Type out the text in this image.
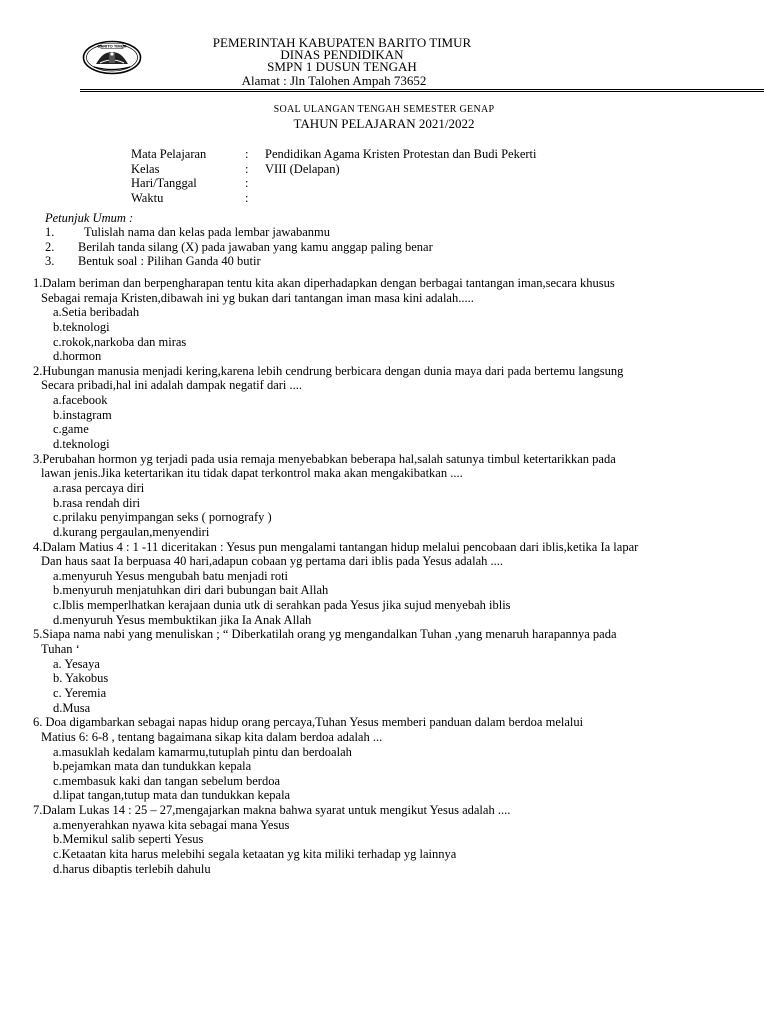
BARITO TIMUR	PEMERINTAH KABUPATEN BARITO TIMUR
DINAS PENDIDIKAN
SMPN 1 DUSUN TENGAH
Alamat : Jln Talohen Ampah 73652
SOAL ULANGAN TENGAH SEMESTER GENAP
TAHUN PELAJARAN 2021/2022
Mata Pelajaran	:	Pendidikan Agama Kristen Protestan dan Budi Pekerti
Kelas	:	VIII (Delapan)
Hari/Tanggal	:
Waktu	:
Petunjuk Umum :
1.	Tulislah nama dan kelas pada lembar jawabanmu
2.	Berilah tanda silang (X) pada jawaban yang kamu anggap paling benar
3.	Bentuk soal : Pilihan Ganda 40 butir
1.Dalam beriman dan berpengharapan tentu kita akan diperhadapkan dengan berbagai tantangan iman,secara khusus
Sebagai remaja Kristen,dibawah ini yg bukan dari tantangan iman masa kini adalah.....
a.Setia beribadah
b.teknologi
c.rokok,narkoba dan miras
d.hormon
2.Hubungan manusia menjadi kering,karena lebih cendrung berbicara dengan dunia maya dari pada bertemu langsung
Secara pribadi,hal ini adalah dampak negatif dari ....
a.facebook
b.instagram
c.game
d.teknologi
3.Perubahan hormon yg terjadi pada usia remaja menyebabkan beberapa hal,salah satunya timbul ketertarikkan pada
lawan jenis.Jika ketertarikan itu tidak dapat terkontrol maka akan mengakibatkan ....
a.rasa percaya diri
b.rasa rendah diri
c.prilaku penyimpangan seks ( pornografy )
d.kurang pergaulan,menyendiri
4.Dalam Matius 4 : 1 -11 diceritakan : Yesus pun mengalami tantangan hidup melalui pencobaan dari iblis,ketika Ia lapar
Dan haus saat Ia berpuasa 40 hari,adapun cobaan yg pertama dari iblis pada Yesus adalah ....
a.menyuruh Yesus mengubah batu menjadi roti
b.menyuruh menjatuhkan diri dari bubungan bait Allah
c.Iblis memperlhatkan kerajaan dunia utk di serahkan pada Yesus jika sujud menyebah iblis
d.menyuruh Yesus membuktikan jika Ia Anak Allah
5.Siapa nama nabi yang menuliskan ; “ Diberkatilah orang yg mengandalkan Tuhan ,yang menaruh harapannya pada
Tuhan ‘
a. Yesaya
b. Yakobus
c. Yeremia
d.Musa
6. Doa digambarkan sebagai napas hidup orang percaya,Tuhan Yesus memberi panduan dalam berdoa melalui
Matius 6: 6-8 , tentang bagaimana sikap kita dalam berdoa adalah ...
a.masuklah kedalam kamarmu,tutuplah pintu dan berdoalah
b.pejamkan mata dan tundukkan kepala
c.membasuk kaki dan tangan sebelum berdoa
d.lipat tangan,tutup mata dan tundukkan kepala
7.Dalam Lukas 14 : 25 – 27,mengajarkan makna bahwa syarat untuk mengikut Yesus adalah ....
a.menyerahkan nyawa kita sebagai mana Yesus
b.Memikul salib seperti Yesus
c.Ketaatan kita harus melebihi segala ketaatan yg kita miliki terhadap yg lainnya
d.harus dibaptis terlebih dahulu
